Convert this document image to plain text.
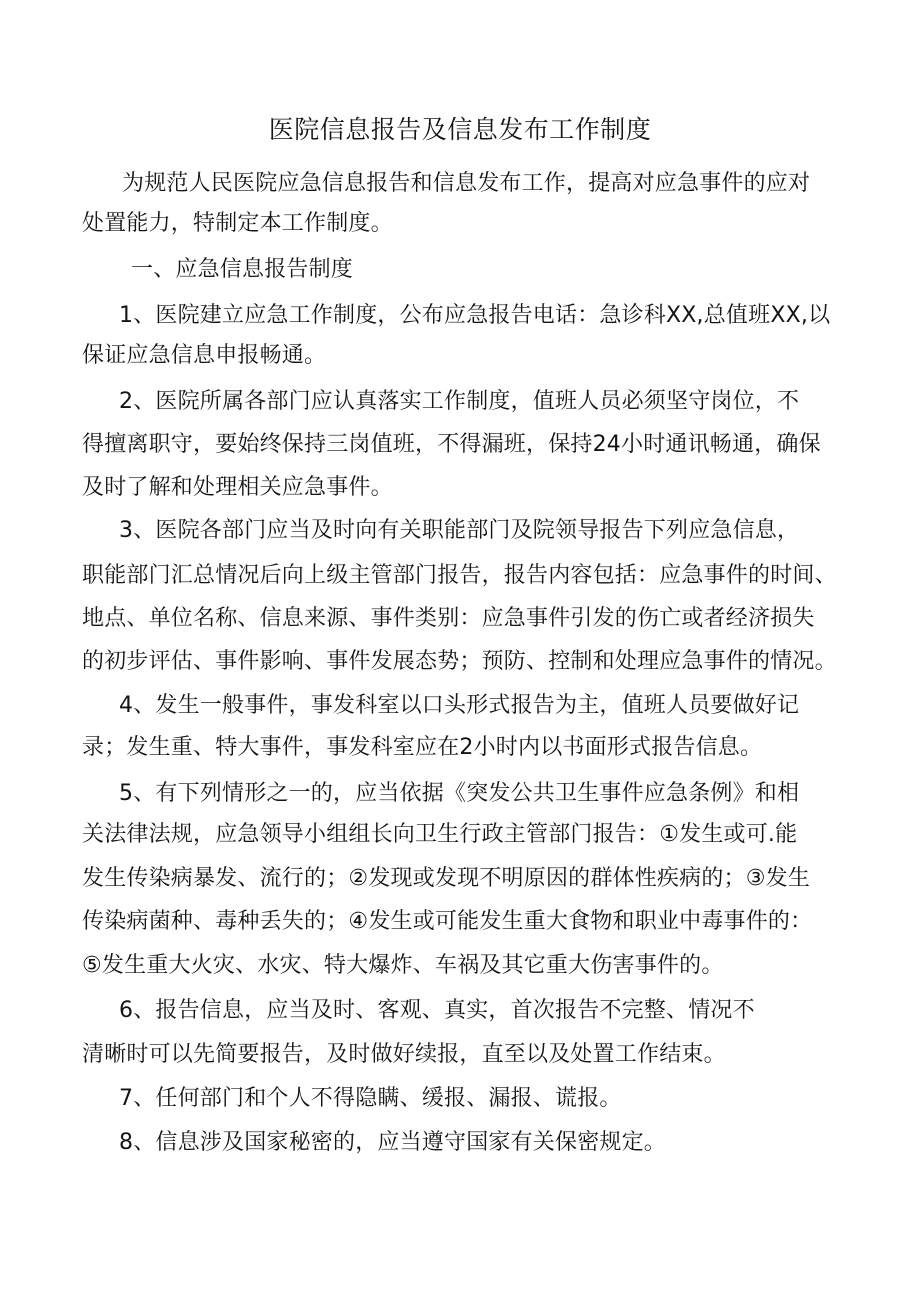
医院信息报告及信息发布工作制度
为规范人民医院应急信息报告和信息发布工作，提高对应急事件的应对
处置能力，特制定本工作制度。
一、应急信息报告制度
1、医院建立应急工作制度，公布应急报告电话：急诊科XX,总值班XX,以
保证应急信息申报畅通。
2、医院所属各部门应认真落实工作制度，值班人员必须坚守岗位，不
得擅离职守，要始终保持三岗值班，不得漏班，保持24小时通讯畅通，确保
及时了解和处理相关应急事件。
3、医院各部门应当及时向有关职能部门及院领导报告下列应急信息，
职能部门汇总情况后向上级主管部门报告，报告内容包括：应急事件的时间、
地点、单位名称、信息来源、事件类别：应急事件引发的伤亡或者经济损失
的初步评估、事件影响、事件发展态势；预防、控制和处理应急事件的情况。
4、发生一般事件，事发科室以口头形式报告为主，值班人员要做好记
录；发生重、特大事件，事发科室应在2小时内以书面形式报告信息。
5、有下列情形之一的，应当依据《突发公共卫生事件应急条例》和相
关法律法规，应急领导小组组长向卫生行政主管部门报告：①发生或可.能
发生传染病暴发、流行的；②发现或发现不明原因的群体性疾病的；③发生
传染病菌种、毒种丢失的；④发生或可能发生重大食物和职业中毒事件的：
⑤发生重大火灾、水灾、特大爆炸、车祸及其它重大伤害事件的。
6、报告信息，应当及时、客观、真实，首次报告不完整、情况不
清晰时可以先简要报告，及时做好续报，直至以及处置工作结束。
7、任何部门和个人不得隐瞒、缓报、漏报、谎报。
8、信息涉及国家秘密的，应当遵守国家有关保密规定。
